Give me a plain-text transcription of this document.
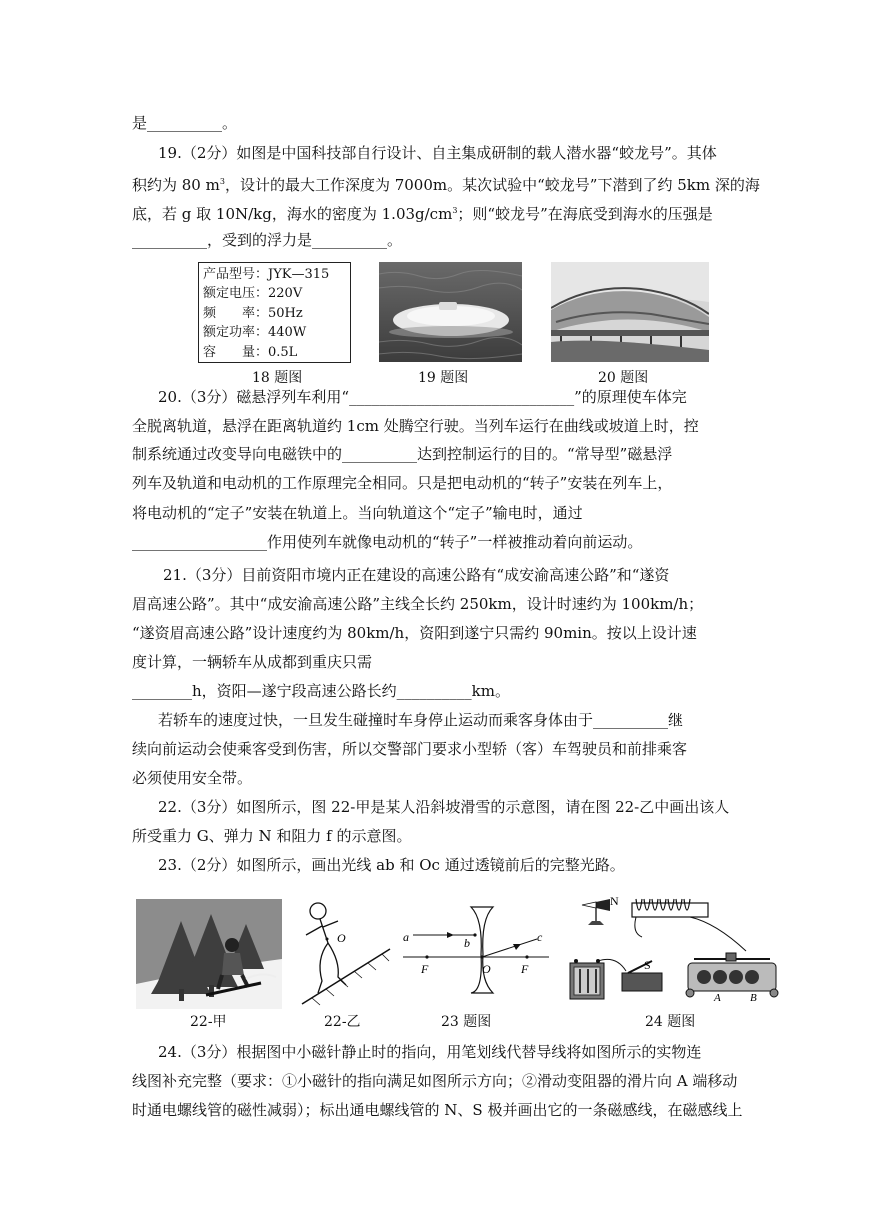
是__________。
19.（2分）如图是中国科技部自行设计、自主集成研制的载人潜水器“蛟龙号”。其体
积约为 80 $m^3$，设计的最大工作深度为 7000m。某次试验中“蛟龙号”下潜到了约 5km 深的海
底，若 g 取 10N/kg，海水的密度为 $1.03g/cm^3$；则“蛟龙号”在海底受到海水的压强是
__________，受到的浮力是__________。
产品型号：JYK—315
额定电压：220V
频　　率：50Hz
额定功率：440W
容　　量：0.5L
18 题图	19 题图	20 题图
20.（3分）磁悬浮列车利用“______________________________”的原理使车体完
全脱离轨道，悬浮在距离轨道约 1cm 处腾空行驶。当列车运行在曲线或坡道上时，控
制系统通过改变导向电磁铁中的__________达到控制运行的目的。“常导型”磁悬浮
列车及轨道和电动机的工作原理完全相同。只是把电动机的“转子”安装在列车上，
将电动机的“定子”安装在轨道上。当向轨道这个“定子”输电时，通过
__________________作用使列车就像电动机的“转子”一样被推动着向前运动。
21.（3分）目前资阳市境内正在建设的高速公路有“成安渝高速公路”和“遂资
眉高速公路”。其中“成安渝高速公路”主线全长约 250km，设计时速约为 100km/h；
“遂资眉高速公路”设计速度约为 80km/h，资阳到遂宁只需约 90min。按以上设计速
度计算，一辆轿车从成都到重庆只需
________h，资阳—遂宁段高速公路长约__________km。
若轿车的速度过快，一旦发生碰撞时车身停止运动而乘客身体由于__________继
续向前运动会使乘客受到伤害，所以交警部门要求小型轿（客）车驾驶员和前排乘客
必须使用安全带。
22.（3分）如图所示，图 22-甲是某人沿斜坡滑雪的示意图，请在图 22-乙中画出该人
所受重力 G、弹力 N 和阻力 f 的示意图。
23.（2分）如图所示，画出光线 ab 和 Oc 通过透镜前后的完整光路。
O	a	b	c
F	O	F
N
S
A	B
22-甲	22-乙	23 题图	24 题图
24.（3分）根据图中小磁针静止时的指向，用笔划线代替导线将如图所示的实物连
线图补充完整（要求：①小磁针的指向满足如图所示方向；②滑动变阻器的滑片向 A 端移动
时通电螺线管的磁性减弱）；标出通电螺线管的 N、S 极并画出它的一条磁感线，在磁感线上
